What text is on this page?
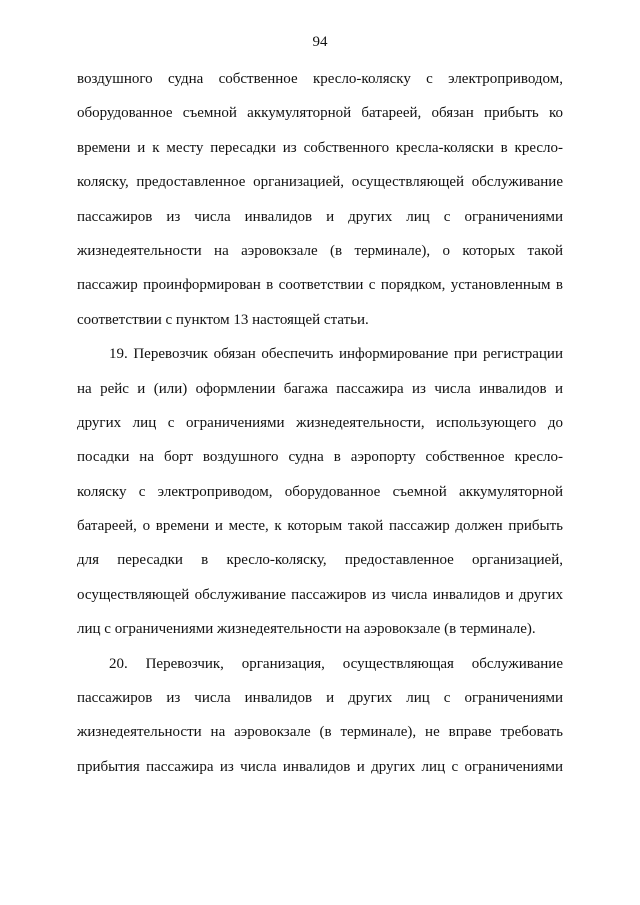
94
воздушного судна собственное кресло-коляску с электроприводом,
оборудованное съемной аккумуляторной батареей, обязан прибыть ко
времени и к месту пересадки из собственного кресла-коляски в кресло-
коляску, предоставленное организацией, осуществляющей обслуживание
пассажиров из числа инвалидов и других лиц с ограничениями
жизнедеятельности на аэровокзале (в терминале), о которых такой
пассажир проинформирован в соответствии с порядком, установленным в
соответствии с пунктом 13 настоящей статьи.
19. Перевозчик обязан обеспечить информирование при регистрации
на рейс и (или) оформлении багажа пассажира из числа инвалидов и
других лиц с ограничениями жизнедеятельности, использующего до
посадки на борт воздушного судна в аэропорту собственное кресло-
коляску с электроприводом, оборудованное съемной аккумуляторной
батареей, о времени и месте, к которым такой пассажир должен прибыть
для пересадки в кресло-коляску, предоставленное организацией,
осуществляющей обслуживание пассажиров из числа инвалидов и других
лиц с ограничениями жизнедеятельности на аэровокзале (в терминале).
20. Перевозчик, организация, осуществляющая обслуживание
пассажиров из числа инвалидов и других лиц с ограничениями
жизнедеятельности на аэровокзале (в терминале), не вправе требовать
прибытия пассажира из числа инвалидов и других лиц с ограничениями
